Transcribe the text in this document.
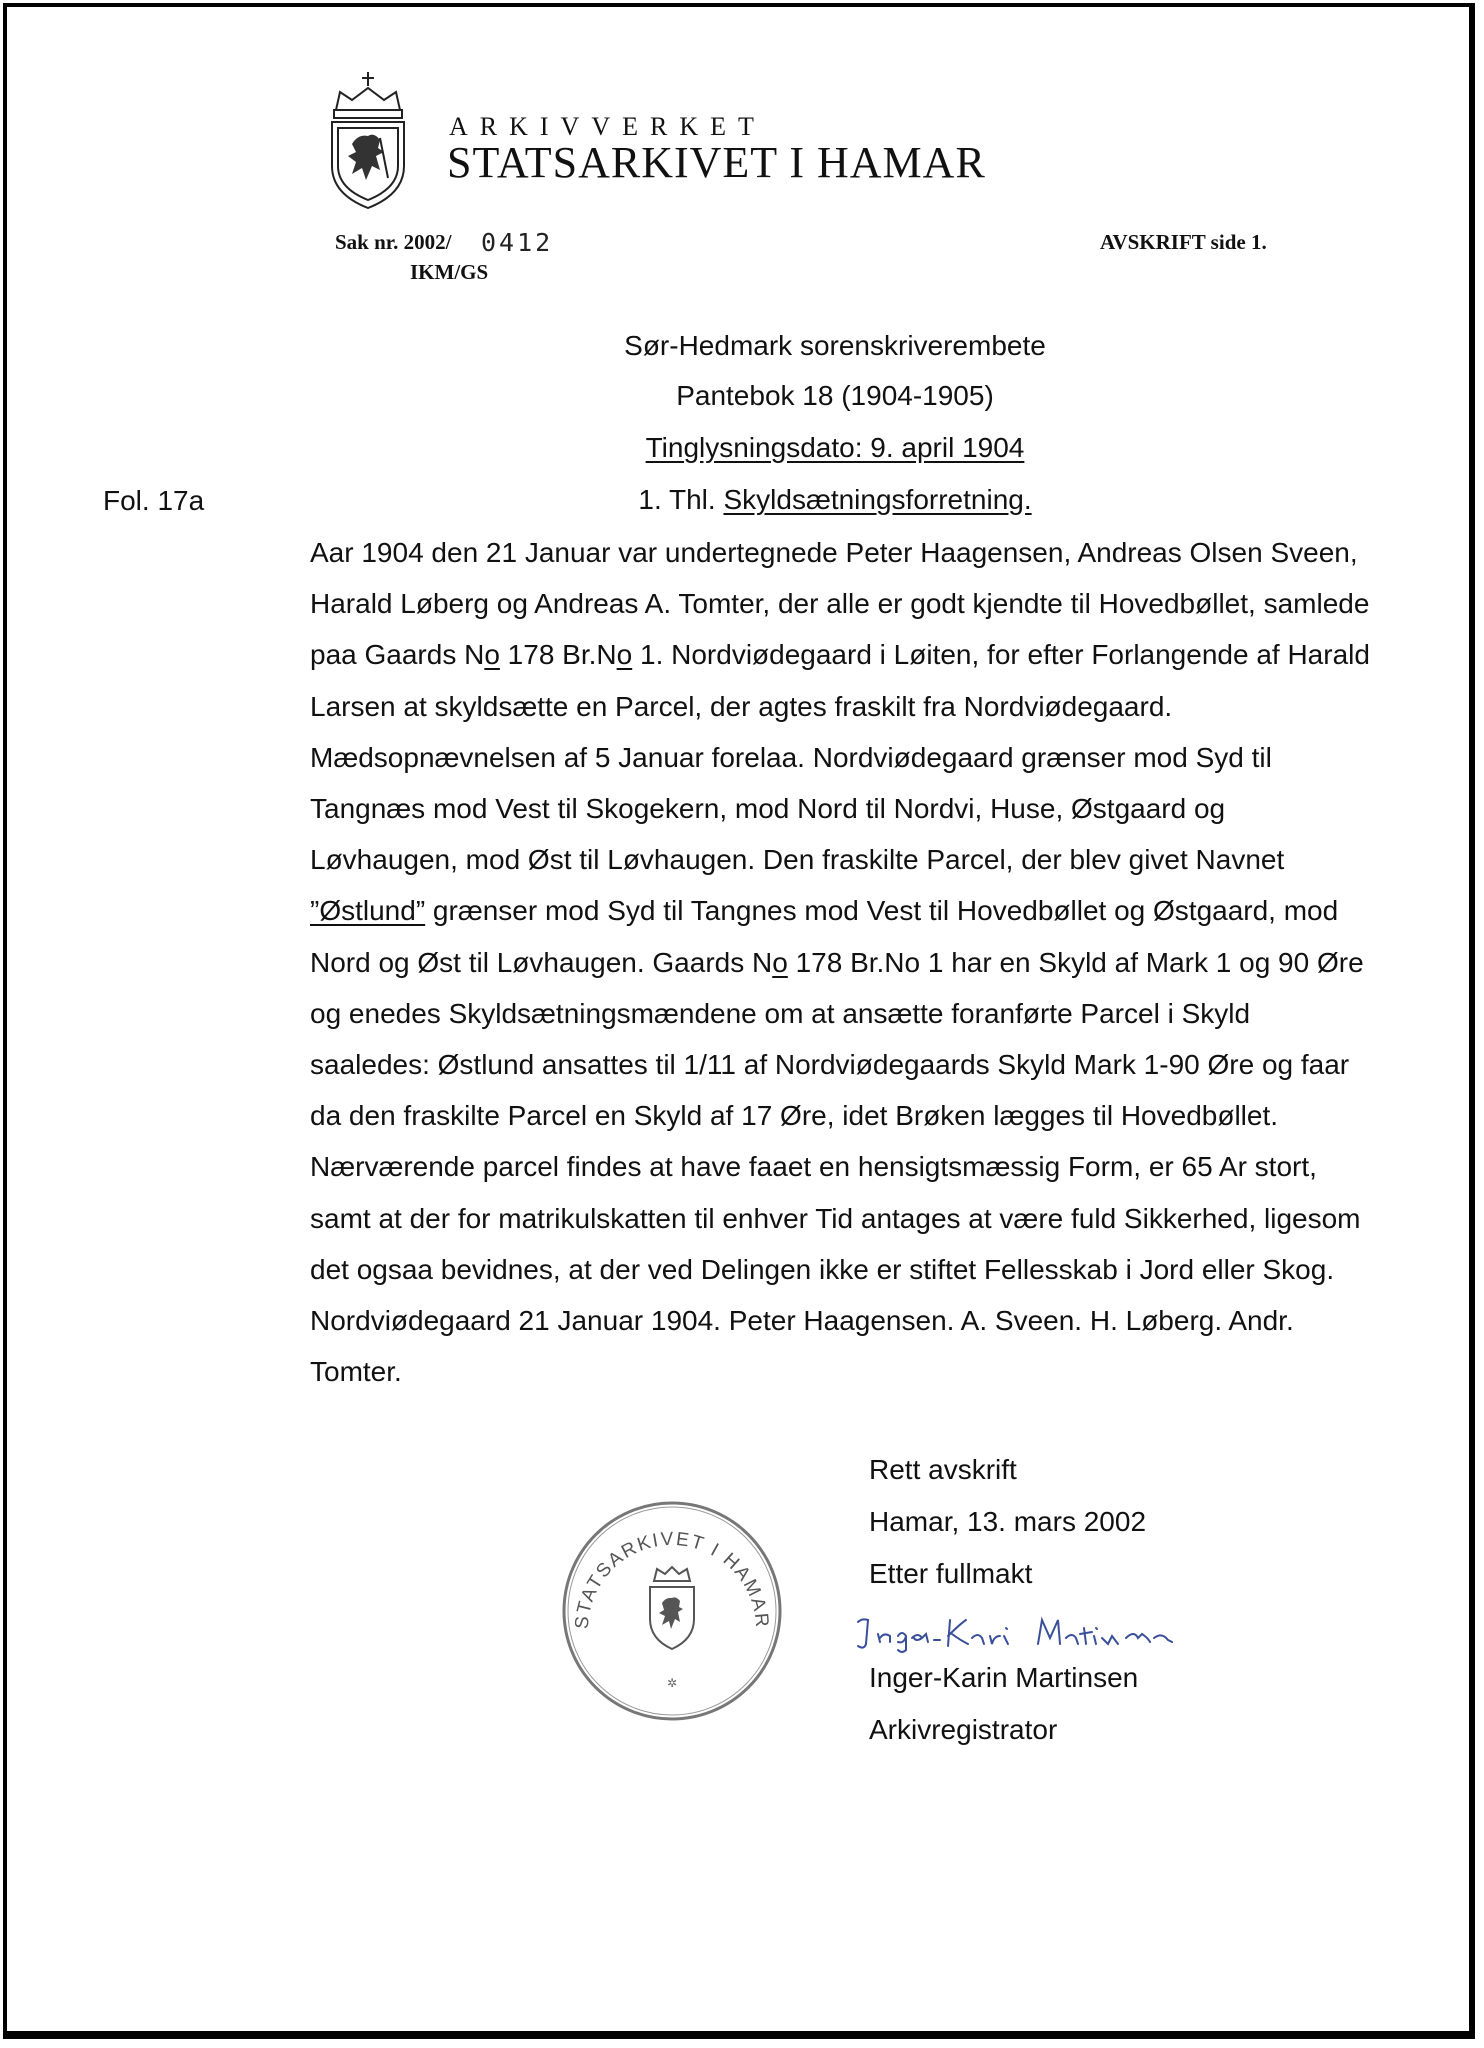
ARKIVVERKET
STATSARKIVET I HAMAR
Sak nr. 2002/ 0412
IKM/GS
AVSKRIFT side 1.
Sør-Hedmark sorenskriverembete
Pantebok 18 (1904-1905)
Tinglysningsdato: 9. april 1904
1. Thl. Skyldsætningsforretning.
Fol. 17a

Aar 1904 den 21 Januar var undertegnede Peter Haagensen, Andreas Olsen Sveen, Harald Løberg og Andreas A. Tomter, der alle er godt kjendte til Hovedbøllet, samlede paa Gaards No 178 Br.No 1. Nordviødegaard i Løiten, for efter Forlangende af Harald Larsen at skyldsætte en Parcel, der agtes fraskilt fra Nordviødegaard. Mædsopnævnelsen af 5 Januar forelaa. Nordviødegaard grænser mod Syd til Tangnæs mod Vest til Skogekern, mod Nord til Nordvi, Huse, Østgaard og Løvhaugen, mod Øst til Løvhaugen. Den fraskilte Parcel, der blev givet Navnet ”Østlund” grænser mod Syd til Tangnes mod Vest til Hovedbøllet og Østgaard, mod Nord og Øst til Løvhaugen. Gaards No 178 Br.No 1 har en Skyld af Mark 1 og 90 Øre og enedes Skyldsætningsmændene om at ansætte foranførte Parcel i Skyld saaledes: Østlund ansattes til 1/11 af Nordviødegaards Skyld Mark 1-90 Øre og faar da den fraskilte Parcel en Skyld af 17 Øre, idet Brøken lægges til Hovedbøllet. Nærværende parcel findes at have faaet en hensigtsmæssig Form, er 65 Ar stort, samt at der for matrikulskatten til enhver Tid antages at være fuld Sikkerhed, ligesom det ogsaa bevidnes, at der ved Delingen ikke er stiftet Fellesskab i Jord eller Skog. Nordviødegaard 21 Januar 1904. Peter Haagensen. A. Sveen. H. Løberg. Andr. Tomter.

STATSARKIVET I HAMAR
✲
Rett avskrift
Hamar, 13. mars 2002
Etter fullmakt
Inger-Karin Martinsen
Arkivregistrator
